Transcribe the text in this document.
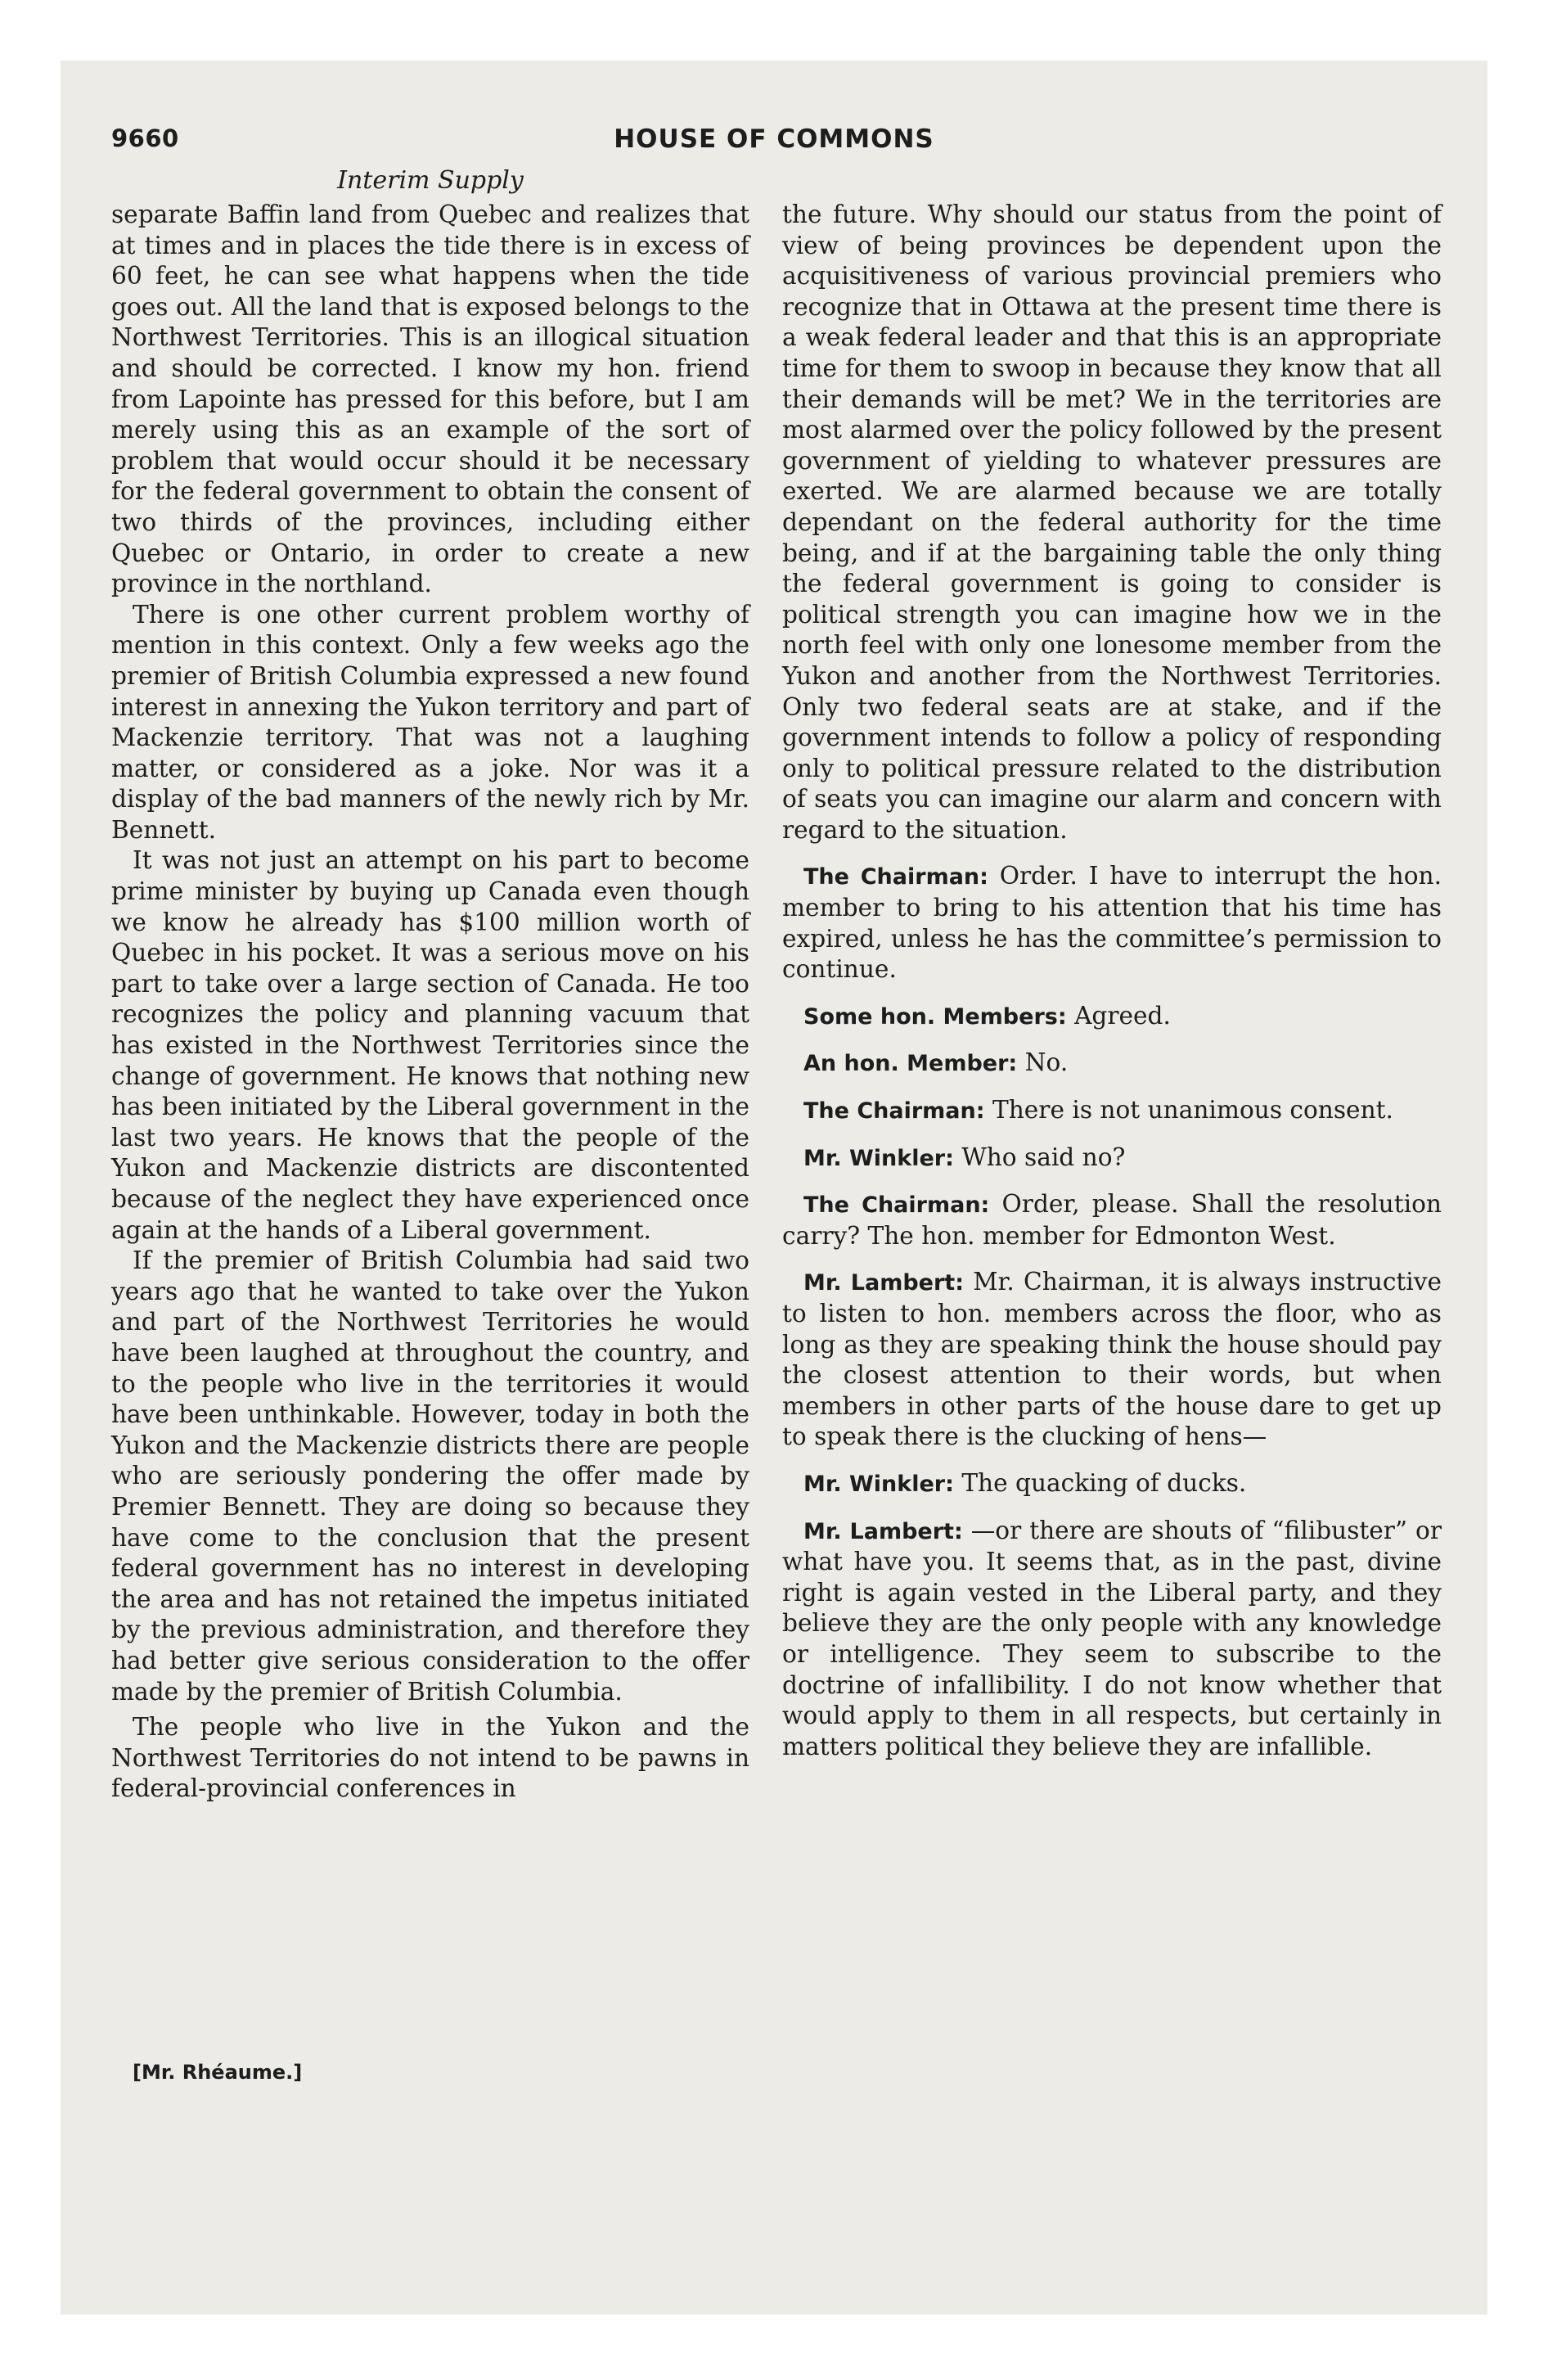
9660	HOUSE OF COMMONS
Interim Supply

separate Baffin land from Quebec and realizes that at times and in places the tide there is in excess of 60 feet, he can see what happens when the tide goes out. All the land that is exposed belongs to the Northwest Territories. This is an illogical situation and should be corrected. I know my hon. friend from Lapointe has pressed for this before, but I am merely using this as an example of the sort of problem that would occur should it be necessary for the federal government to obtain the consent of two thirds of the provinces, including either Quebec or Ontario, in order to create a new province in the northland.

There is one other current problem worthy of mention in this context. Only a few weeks ago the premier of British Columbia expressed a new found interest in annexing the Yukon territory and part of Mackenzie territory. That was not a laughing matter, or considered as a joke. Nor was it a display of the bad manners of the newly rich by Mr. Bennett.

It was not just an attempt on his part to become prime minister by buying up Canada even though we know he already has $100 million worth of Quebec in his pocket. It was a serious move on his part to take over a large section of Canada. He too recognizes the policy and planning vacuum that has existed in the Northwest Territories since the change of government. He knows that nothing new has been initiated by the Liberal government in the last two years. He knows that the people of the Yukon and Mackenzie districts are discontented because of the neglect they have experienced once again at the hands of a Liberal government.

If the premier of British Columbia had said two years ago that he wanted to take over the Yukon and part of the Northwest Territories he would have been laughed at throughout the country, and to the people who live in the territories it would have been unthinkable. However, today in both the Yukon and the Mackenzie districts there are people who are seriously pondering the offer made by Premier Bennett. They are doing so because they have come to the conclusion that the present federal government has no interest in developing the area and has not retained the impetus initiated by the previous administration, and therefore they had better give serious consideration to the offer made by the premier of British Columbia.

The people who live in the Yukon and the Northwest Territories do not intend to be pawns in federal-provincial conferences in

[Mr. Rhéaume.]

the future. Why should our status from the point of view of being provinces be dependent upon the acquisitiveness of various provincial premiers who recognize that in Ottawa at the present time there is a weak federal leader and that this is an appropriate time for them to swoop in because they know that all their demands will be met? We in the territories are most alarmed over the policy followed by the present government of yielding to whatever pressures are exerted. We are alarmed because we are totally dependant on the federal authority for the time being, and if at the bargaining table the only thing the federal government is going to consider is political strength you can imagine how we in the north feel with only one lonesome member from the Yukon and another from the Northwest Territories. Only two federal seats are at stake, and if the government intends to follow a policy of responding only to political pressure related to the distribution of seats you can imagine our alarm and concern with regard to the situation.

The Chairman: Order. I have to interrupt the hon. member to bring to his attention that his time has expired, unless he has the committee’s permission to continue.

Some hon. Members: Agreed.

An hon. Member: No.

The Chairman: There is not unanimous consent.

Mr. Winkler: Who said no?

The Chairman: Order, please. Shall the resolution carry? The hon. member for Edmonton West.

Mr. Lambert: Mr. Chairman, it is always instructive to listen to hon. members across the floor, who as long as they are speaking think the house should pay the closest attention to their words, but when members in other parts of the house dare to get up to speak there is the clucking of hens—

Mr. Winkler: The quacking of ducks.

Mr. Lambert: —or there are shouts of “filibuster” or what have you. It seems that, as in the past, divine right is again vested in the Liberal party, and they believe they are the only people with any knowledge or intelligence. They seem to subscribe to the doctrine of infallibility. I do not know whether that would apply to them in all respects, but certainly in matters political they believe they are infallible.
